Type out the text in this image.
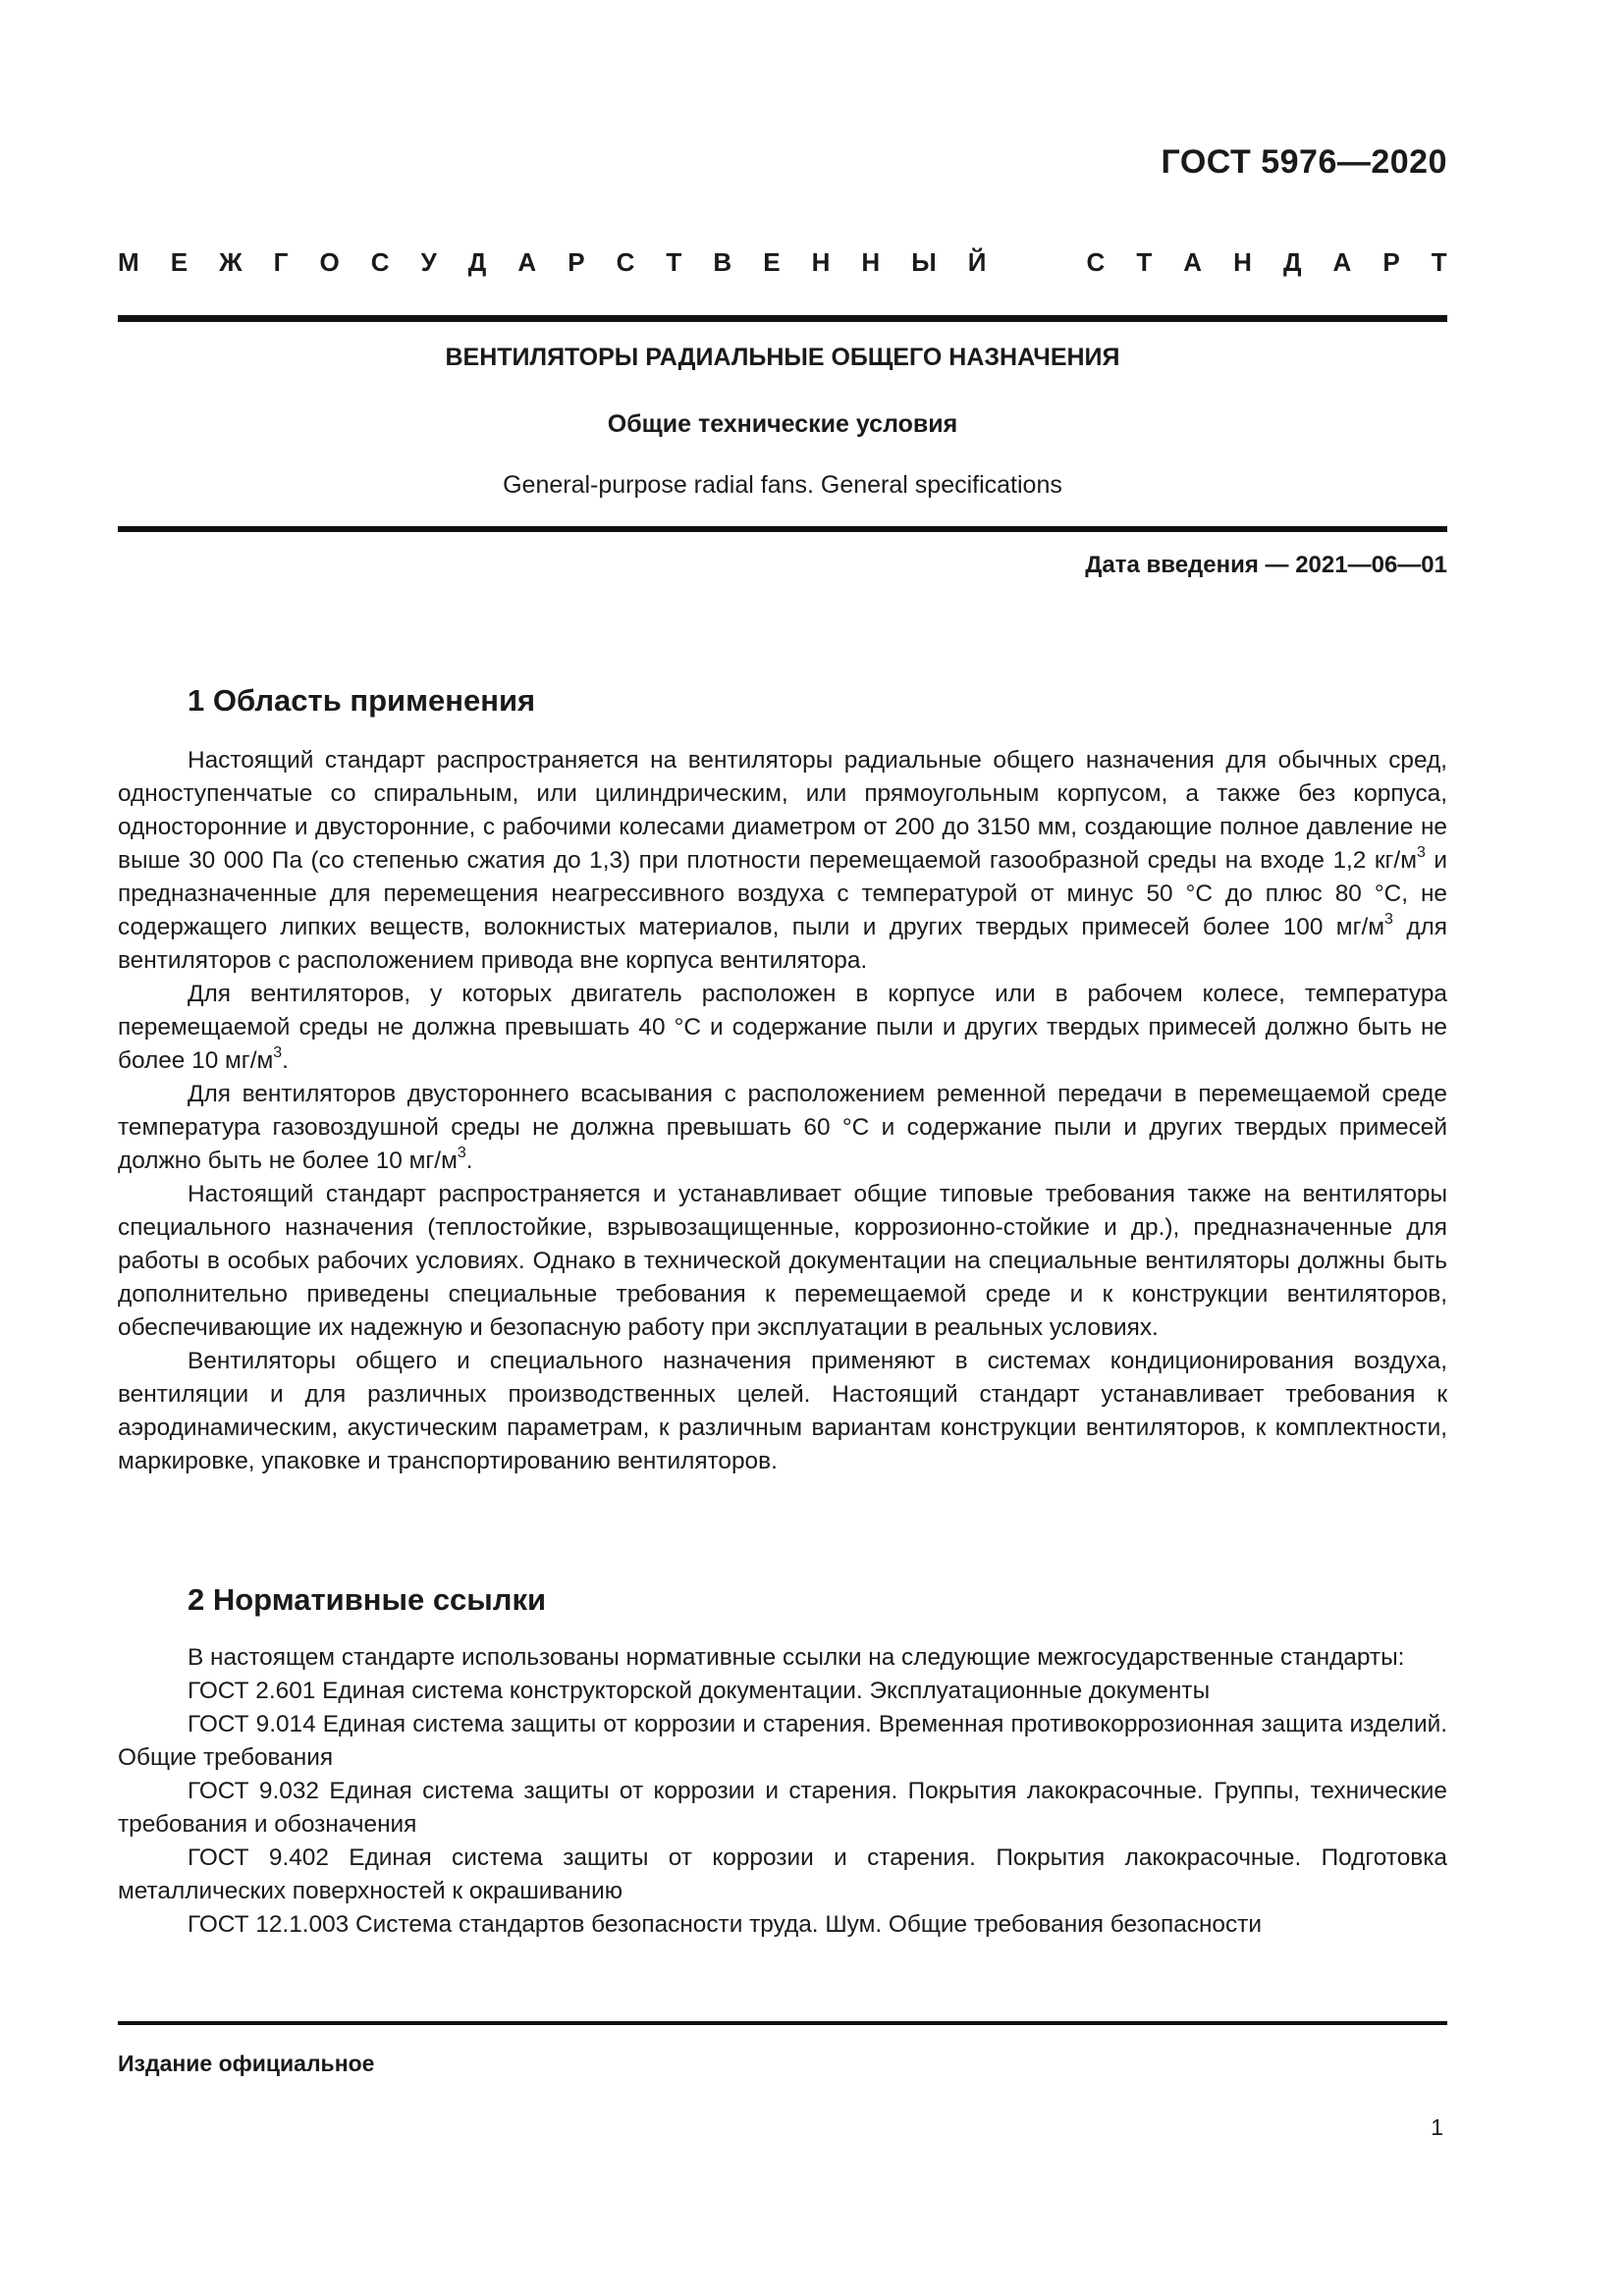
ГОСТ 5976—2020
М Е Ж Г О С У Д А Р С Т В Е Н Н Ы Й	С Т А Н Д А Р Т
ВЕНТИЛЯТОРЫ РАДИАЛЬНЫЕ ОБЩЕГО НАЗНАЧЕНИЯ
Общие технические условия
General-purpose radial fans. General specifications
Дата введения — 2021—06—01
1 Область применения

Настоящий стандарт распространяется на вентиляторы радиальные общего назначения для обычных сред, одноступенчатые со спиральным, или цилиндрическим, или прямоугольным корпусом, а также без корпуса, односторонние и двусторонние, с рабочими колесами диаметром от 200 до 3150 мм, создающие полное давление не выше 30 000 Па (со степенью сжатия до 1,3) при плотности перемещаемой газообразной среды на входе 1,2 $кг/м^3$ и предназначенные для перемещения неагрессивного воздуха с температурой от минус 50 °С до плюс 80 °С, не содержащего липких веществ, волокнистых материалов, пыли и других твердых примесей более 100 $мг/м^3$ для вентиляторов с расположением привода вне корпуса вентилятора.

Для вентиляторов, у которых двигатель расположен в корпусе или в рабочем колесе, температура перемещаемой среды не должна превышать 40 °С и содержание пыли и других твердых примесей должно быть не более 10 $мг/м^3$.

Для вентиляторов двустороннего всасывания с расположением ременной передачи в перемещаемой среде температура газовоздушной среды не должна превышать 60 °С и содержание пыли и других твердых примесей должно быть не более 10 $мг/м^3$.

Настоящий стандарт распространяется и устанавливает общие типовые требования также на вентиляторы специального назначения (теплостойкие, взрывозащищенные, коррозионно-стойкие и др.), предназначенные для работы в особых рабочих условиях. Однако в технической документации на специальные вентиляторы должны быть дополнительно приведены специальные требования к перемещаемой среде и к конструкции вентиляторов, обеспечивающие их надежную и безопасную работу при эксплуатации в реальных условиях.

Вентиляторы общего и специального назначения применяют в системах кондиционирования воздуха, вентиляции и для различных производственных целей. Настоящий стандарт устанавливает требования к аэродинамическим, акустическим параметрам, к различным вариантам конструкции вентиляторов, к комплектности, маркировке, упаковке и транспортированию вентиляторов.

2 Нормативные ссылки

В настоящем стандарте использованы нормативные ссылки на следующие межгосударственные стандарты:

ГОСТ 2.601 Единая система конструкторской документации. Эксплуатационные документы

ГОСТ 9.014 Единая система защиты от коррозии и старения. Временная противокоррозионная защита изделий. Общие требования

ГОСТ 9.032 Единая система защиты от коррозии и старения. Покрытия лакокрасочные. Группы, технические требования и обозначения

ГОСТ 9.402 Единая система защиты от коррозии и старения. Покрытия лакокрасочные. Подготовка металлических поверхностей к окрашиванию

ГОСТ 12.1.003 Система стандартов безопасности труда. Шум. Общие требования безопасности

Издание официальное
1
